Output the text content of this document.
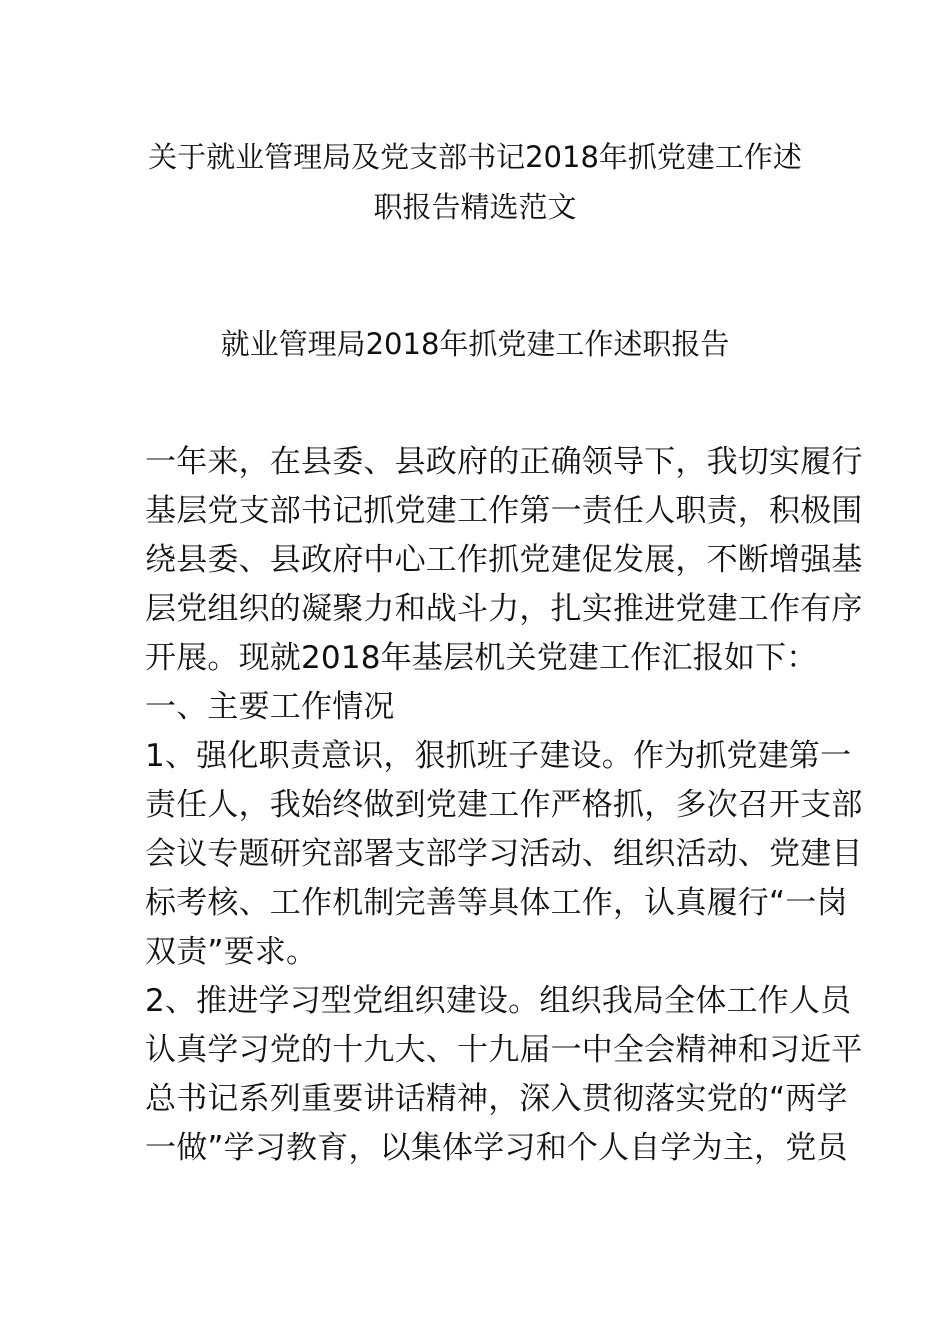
关于就业管理局及党支部书记2018年抓党建工作述
职报告精选范文
就业管理局2018年抓党建工作述职报告
一年来，在县委、县政府的正确领导下，我切实履行
基层党支部书记抓党建工作第一责任人职责，积极围
绕县委、县政府中心工作抓党建促发展，不断增强基
层党组织的凝聚力和战斗力，扎实推进党建工作有序
开展。现就2018年基层机关党建工作汇报如下：
一、主要工作情况
1、强化职责意识，狠抓班子建设。作为抓党建第一
责任人，我始终做到党建工作严格抓，多次召开支部
会议专题研究部署支部学习活动、组织活动、党建目
标考核、工作机制完善等具体工作，认真履行“一岗
双责”要求。
2、推进学习型党组织建设。组织我局全体工作人员
认真学习党的十九大、十九届一中全会精神和习近平
总书记系列重要讲话精神，深入贯彻落实党的“两学
一做”学习教育，以集体学习和个人自学为主，党员
